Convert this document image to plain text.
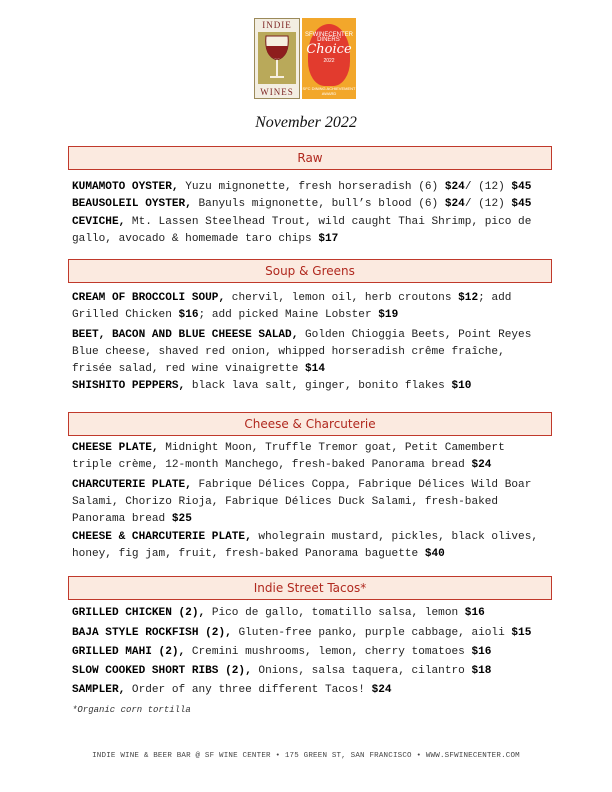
INDIE
WINES
SFWINECENTER
DINERS'
Choice
2022
SFC DINING ACHIEVEMENT AWARD
November 2022
Raw
KUMAMOTO OYSTER, Yuzu mignonette, fresh horseradish (6) $24/ (12) $45
BEAUSOLEIL OYSTER, Banyuls mignonette, bull’s blood (6) $24/ (12) $45
CEVICHE, Mt. Lassen Steelhead Trout, wild caught Thai Shrimp, pico de gallo, avocado & homemade taro chips $17
Soup & Greens
CREAM OF BROCCOLI SOUP, chervil, lemon oil, herb croutons $12; add Grilled Chicken $16; add picked Maine Lobster $19
BEET, BACON AND BLUE CHEESE SALAD, Golden Chioggia Beets, Point Reyes Blue cheese, shaved red onion, whipped horseradish crême fraîche, frisée salad, red wine vinaigrette $14
SHISHITO PEPPERS, black lava salt, ginger, bonito flakes $10
Cheese & Charcuterie
CHEESE PLATE, Midnight Moon, Truffle Tremor goat, Petit Camembert triple crème, 12-month Manchego, fresh-baked Panorama bread $24
CHARCUTERIE PLATE, Fabrique Délices Coppa, Fabrique Délices Wild Boar Salami, Chorizo Rioja, Fabrique Délices Duck Salami, fresh-baked Panorama bread $25
CHEESE & CHARCUTERIE PLATE, wholegrain mustard, pickles, black olives, honey, fig jam, fruit, fresh-baked Panorama baguette $40
Indie Street Tacos*
GRILLED CHICKEN (2), Pico de gallo, tomatillo salsa, lemon $16
BAJA STYLE ROCKFISH (2), Gluten-free panko, purple cabbage, aioli $15
GRILLED MAHI (2), Cremini mushrooms, lemon, cherry tomatoes $16
SLOW COOKED SHORT RIBS (2), Onions, salsa taquera, cilantro $18
SAMPLER, Order of any three different Tacos! $24
*Organic corn tortilla
INDIE WINE & BEER BAR @ SF WINE CENTER • 175 GREEN ST, SAN FRANCISCO • WWW.SFWINECENTER.COM
